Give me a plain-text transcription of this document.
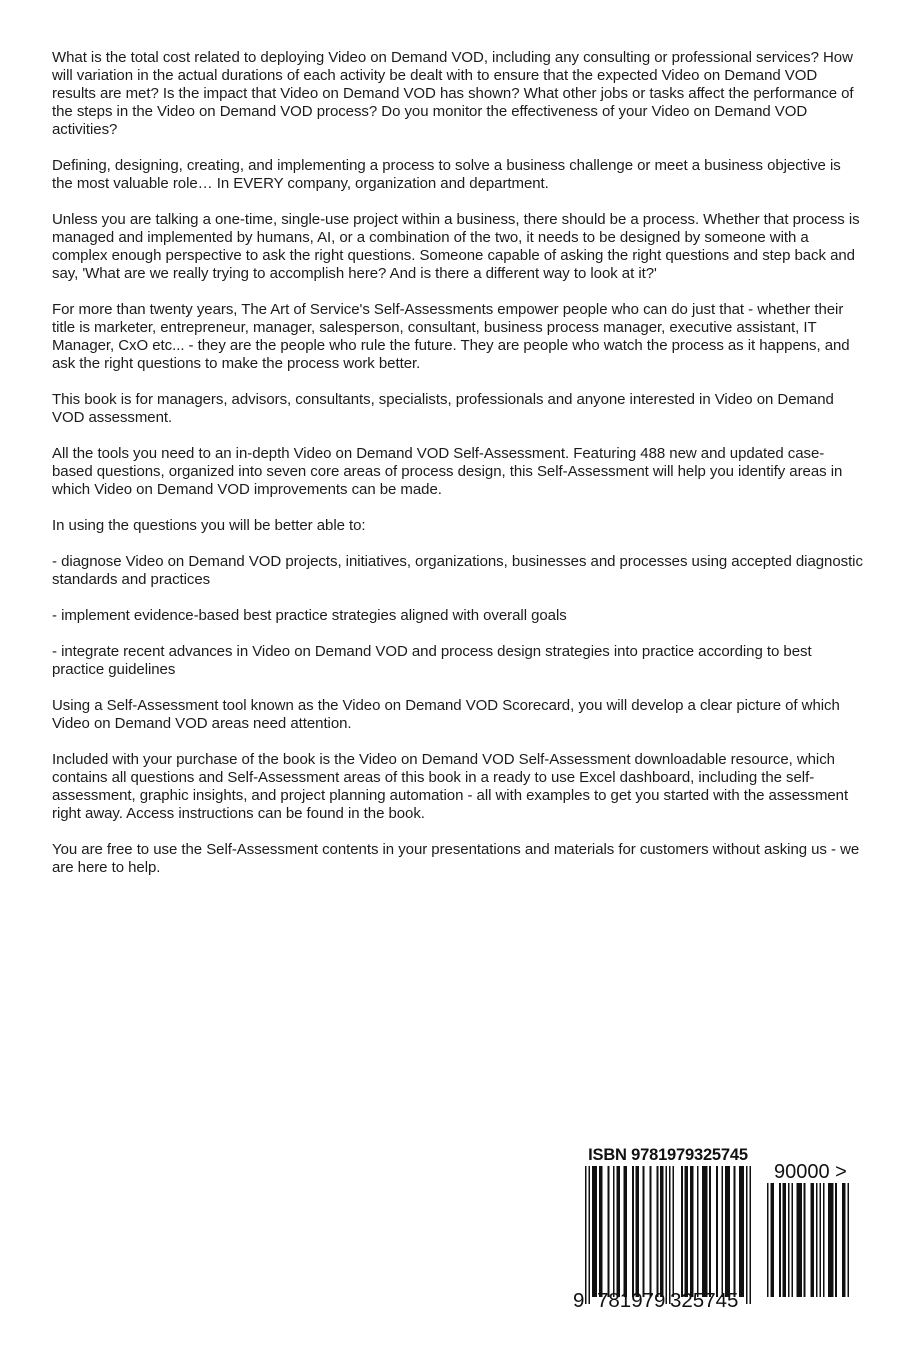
What is the total cost related to deploying Video on Demand VOD, including any consulting or professional services? How will variation in the actual durations of each activity be dealt with to ensure that the expected Video on Demand VOD results are met? Is the impact that Video on Demand VOD has shown? What other jobs or tasks affect the performance of the steps in the Video on Demand VOD process? Do you monitor the effectiveness of your Video on Demand VOD activities?

Defining, designing, creating, and implementing a process to solve a business challenge or meet a business objective is the most valuable role… In EVERY company, organization and department.

Unless you are talking a one-time, single-use project within a business, there should be a process. Whether that process is managed and implemented by humans, AI, or a combination of the two, it needs to be designed by someone with a complex enough perspective to ask the right questions. Someone capable of asking the right questions and step back and say, 'What are we really trying to accomplish here? And is there a different way to look at it?'

For more than twenty years, The Art of Service's Self-Assessments empower people who can do just that - whether their title is marketer, entrepreneur, manager, salesperson, consultant, business process manager, executive assistant, IT Manager, CxO etc... - they are the people who rule the future. They are people who watch the process as it happens, and ask the right questions to make the process work better.

This book is for managers, advisors, consultants, specialists, professionals and anyone interested in Video on Demand VOD assessment.

All the tools you need to an in-depth Video on Demand VOD Self-Assessment. Featuring 488 new and updated case-based questions, organized into seven core areas of process design, this Self-Assessment will help you identify areas in which Video on Demand VOD improvements can be made.

In using the questions you will be better able to:

- diagnose Video on Demand VOD projects, initiatives, organizations, businesses and processes using accepted diagnostic standards and practices

- implement evidence-based best practice strategies aligned with overall goals

- integrate recent advances in Video on Demand VOD and process design strategies into practice according to best practice guidelines

Using a Self-Assessment tool known as the Video on Demand VOD Scorecard, you will develop a clear picture of which Video on Demand VOD areas need attention.

Included with your purchase of the book is the Video on Demand VOD Self-Assessment downloadable resource, which contains all questions and Self-Assessment areas of this book in a ready to use Excel dashboard, including the self-assessment, graphic insights, and project planning automation - all with examples to get you started with the assessment right away. Access instructions can be found in the book.

You are free to use the Self-Assessment contents in your presentations and materials for customers without asking us - we are here to help.

ISBN 9781979325745
9 781979 325745
90000 >
